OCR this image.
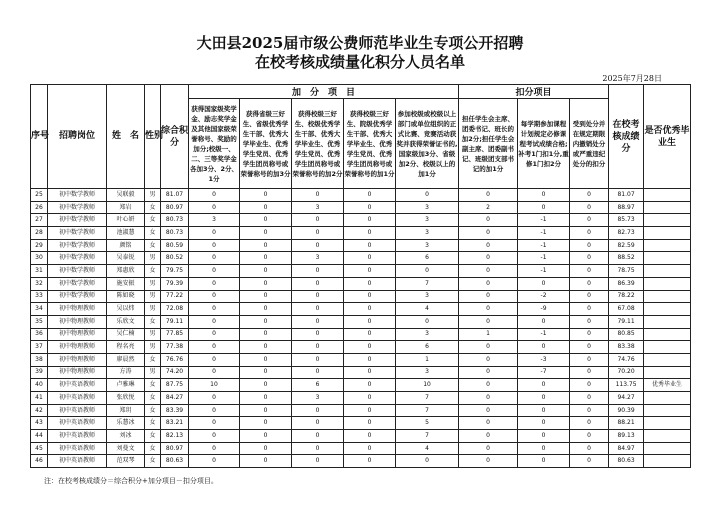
大田县2025届市级公费师范毕业生专项公开招聘
在校考核成绩量化积分人员名单
2025年7月28日
序号	招聘岗位	姓　名	性别	综合积分	加　分　项　目					扣分项目			在校考核成绩分	是否优秀毕业生
					获得国家级奖学金、励志奖学金及其他国家级荣誉称号、奖励的加分;校级一、二、三等奖学金各加3分、2分、1分	获得省级三好生、省级优秀学生干部、优秀大学毕业生、优秀学生党员、优秀学生团员称号或荣誉称号的加3分	获得校级三好生、校级优秀学生干部、优秀大学毕业生、优秀学生党员、优秀学生团员称号或荣誉称号的加2分	获得校级三好生、院级优秀学生干部、优秀大学毕业生、优秀学生党员、优秀学生团员称号或荣誉称号的加1分	参加校级或校级以上部门或单位组织的正式比赛、竞赛活动获奖并获得荣誉证书的,国家级加3分、省级加2分、校级以上的加1分	担任学生会主席、团委书记、班长的加2分;担任学生会副主席、团委副书记、班级团支部书记的加1分	每学期参加课程计划规定必修课程考试成绩合格;补考1门扣1分,重修1门扣2分	受到处分并在规定期限内撤销处分或严重违纪处分的扣分		
25	初中数学教师	吴联毅	男	81.07	0	0	0	0	0	0	0	0	81.07	
26	初中数学教师	郑岩	女	80.97	0	0	3	0	3	2	0	0	88.97	
27	初中数学教师	叶心妍	女	80.73	3	0	0	0	3	0	-1	0	85.73	
28	初中数学教师	池淑慧	女	80.73	0	0	0	0	3	0	-1	0	82.73	
29	初中数学教师	颜铭	女	80.59	0	0	0	0	3	0	-1	0	82.59	
30	初中数学教师	吴泰锐	男	80.52	0	0	3	0	6	0	-1	0	88.52	
31	初中数学教师	郑惠欣	女	79.75	0	0	0	0	0	0	-1	0	78.75	
32	初中数学教师	施安振	男	79.39	0	0	0	0	7	0	0	0	86.39	
33	初中数学教师	陈如晓	男	77.22	0	0	0	0	3	0	-2	0	78.22	
34	初中物理教师	吴以炜	男	72.08	0	0	0	0	4	0	-9	0	67.08	
35	初中物理教师	乐欣文	女	79.11	0	0	0	0	0	0	0	0	79.11	
36	初中物理教师	吴仁楠	男	77.85	0	0	0	0	3	1	-1	0	80.85	
37	初中物理教师	程名亮	男	77.38	0	0	0	0	6	0	0	0	83.38	
38	初中物理教师	廖晨然	女	76.76	0	0	0	0	1	0	-3	0	74.76	
39	初中物理教师	方涛	男	74.20	0	0	0	0	3	0	-7	0	70.20	
40	初中英语教师	卢雅琳	女	87.75	10	0	6	0	10	0	0	0	113.75	优秀毕业生
41	初中英语教师	张欣悦	女	84.27	0	0	3	0	7	0	0	0	94.27	
42	初中英语教师	郑玥	女	83.39	0	0	0	0	7	0	0	0	90.39	
43	初中英语教师	乐慧冰	女	83.21	0	0	0	0	5	0	0	0	88.21	
44	初中英语教师	刘冰	女	82.13	0	0	0	0	7	0	0	0	89.13	
45	初中英语教师	刘曼文	女	80.97	0	0	0	0	4	0	0	0	84.97	
46	初中英语教师	范双琴	女	80.63	0	0	0	0	0	0	0	0	80.63	
注：在校考核成绩分＝综合积分+加分项目－扣分项目。
